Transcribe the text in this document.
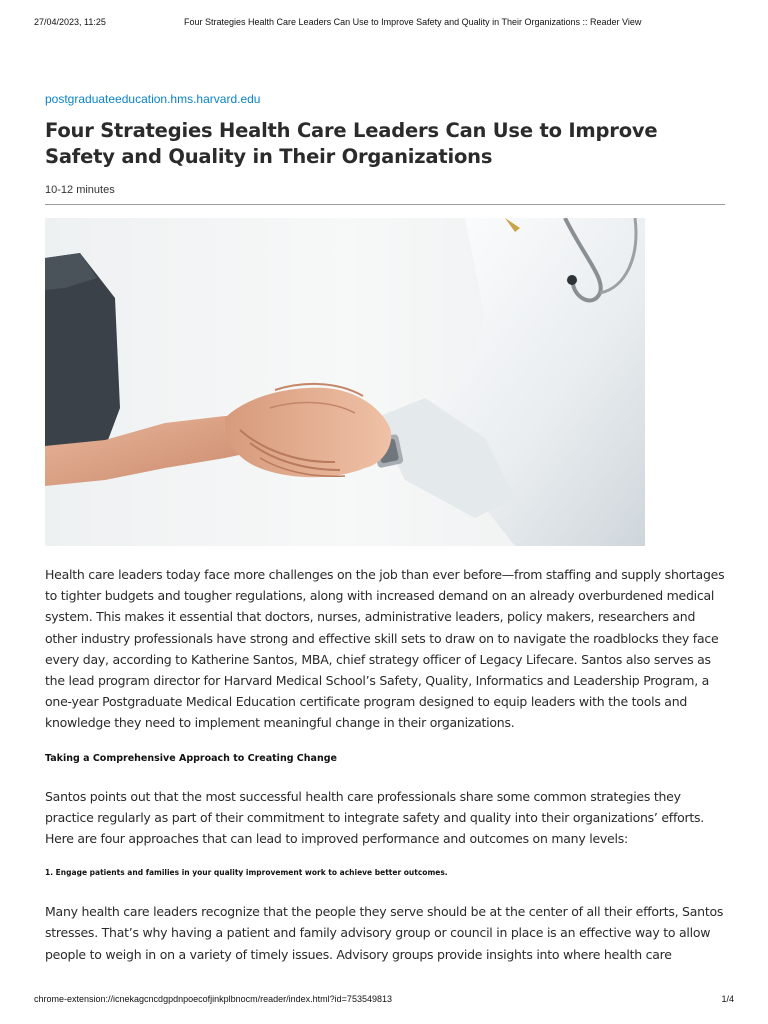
27/04/2023, 11:25	Four Strategies Health Care Leaders Can Use to Improve Safety and Quality in Their Organizations :: Reader View
postgraduateeducation.hms.harvard.edu
Four Strategies Health Care Leaders Can Use to Improve Safety and Quality in Their Organizations
10-12 minutes

Health care leaders today face more challenges on the job than ever before—from staffing and supply shortages to tighter budgets and tougher regulations, along with increased demand on an already overburdened medical system. This makes it essential that doctors, nurses, administrative leaders, policy makers, researchers and other industry professionals have strong and effective skill sets to draw on to navigate the roadblocks they face every day, according to Katherine Santos, MBA, chief strategy officer of Legacy Lifecare. Santos also serves as the lead program director for Harvard Medical School’s Safety, Quality, Informatics and Leadership Program, a one-year Postgraduate Medical Education certificate program designed to equip leaders with the tools and knowledge they need to implement meaningful change in their organizations.

Taking a Comprehensive Approach to Creating Change

Santos points out that the most successful health care professionals share some common strategies they practice regularly as part of their commitment to integrate safety and quality into their organizations’ efforts. Here are four approaches that can lead to improved performance and outcomes on many levels:

1. Engage patients and families in your quality improvement work to achieve better outcomes.

Many health care leaders recognize that the people they serve should be at the center of all their efforts, Santos stresses. That’s why having a patient and family advisory group or council in place is an effective way to allow people to weigh in on a variety of timely issues. Advisory groups provide insights into where health care

chrome-extension://icnekagcncdgpdnpoecofjinkplbnocm/reader/index.html?id=753549813	1/4
